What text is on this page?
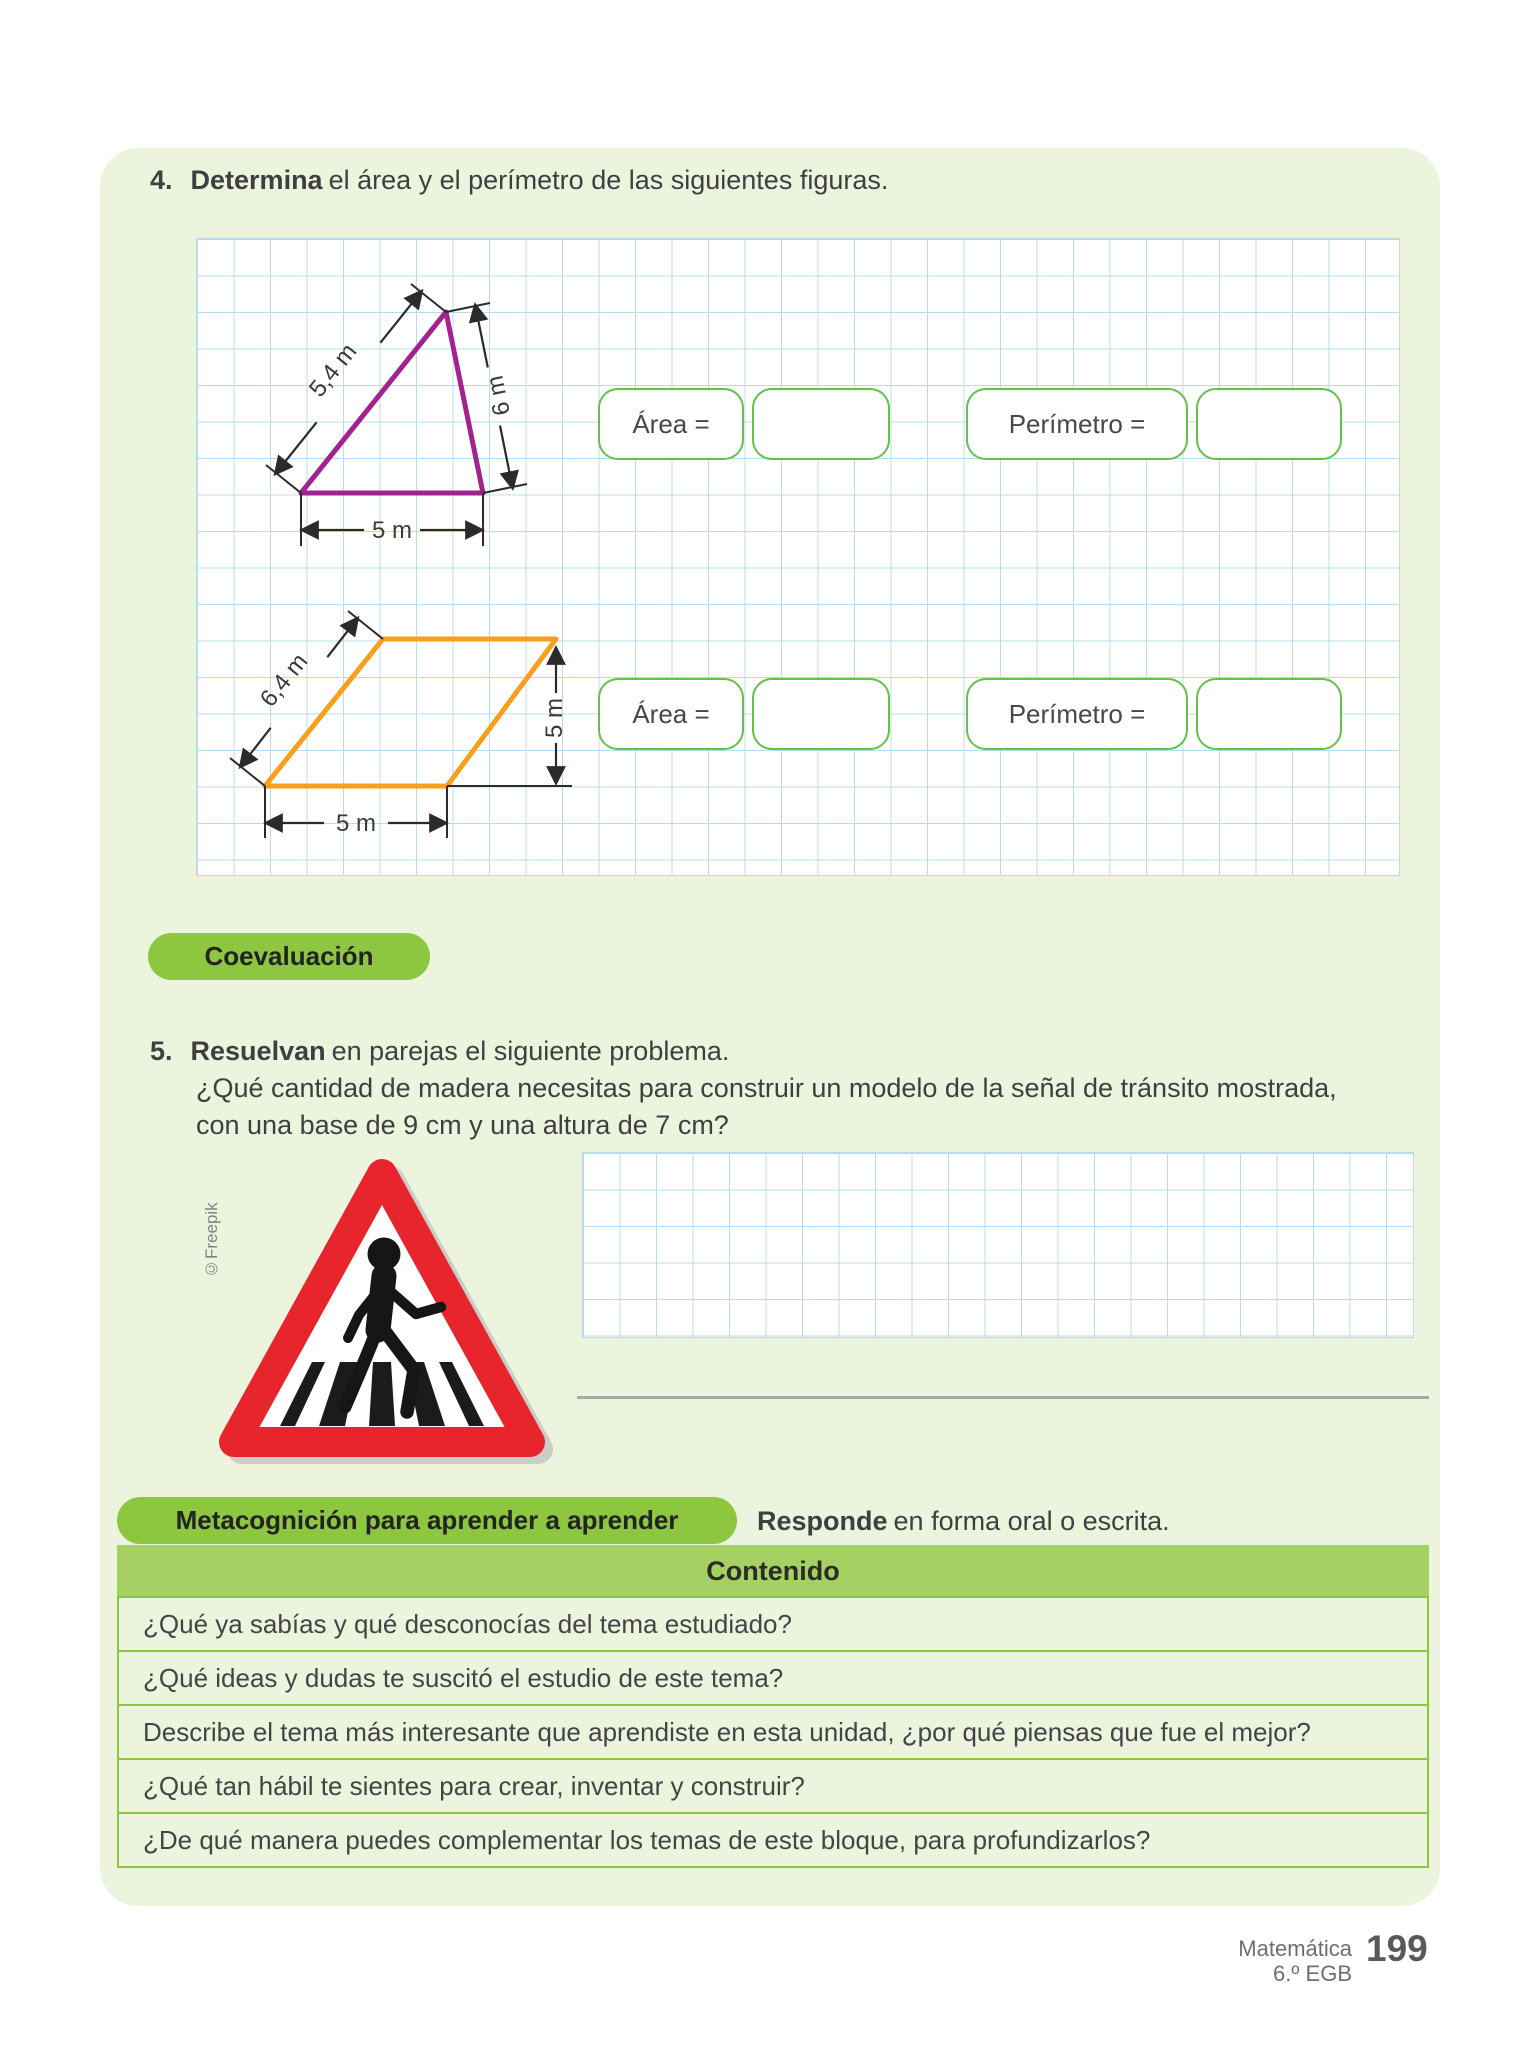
4. Determina el área y el perímetro de las siguientes figuras.
5,4 m	6 m
5 m
6,4 m
5 m
5 m
Área =	Perímetro =
Área =	Perímetro =
Coevaluación
5. Resuelvan en parejas el siguiente problema.
¿Qué cantidad de madera necesitas para construir un modelo de la señal de tránsito mostrada,
con una base de 9 cm y una altura de 7 cm?
©Freepik
Metacognición para aprender a aprender	Responde en forma oral o escrita.
Contenido
¿Qué ya sabías y qué desconocías del tema estudiado?
¿Qué ideas y dudas te suscitó el estudio de este tema?
Describe el tema más interesante que aprendiste en esta unidad, ¿por qué piensas que fue el mejor?
¿Qué tan hábil te sientes para crear, inventar y construir?
¿De qué manera puedes complementar los temas de este bloque, para profundizarlos?
Matemática
6.º EGB
199
